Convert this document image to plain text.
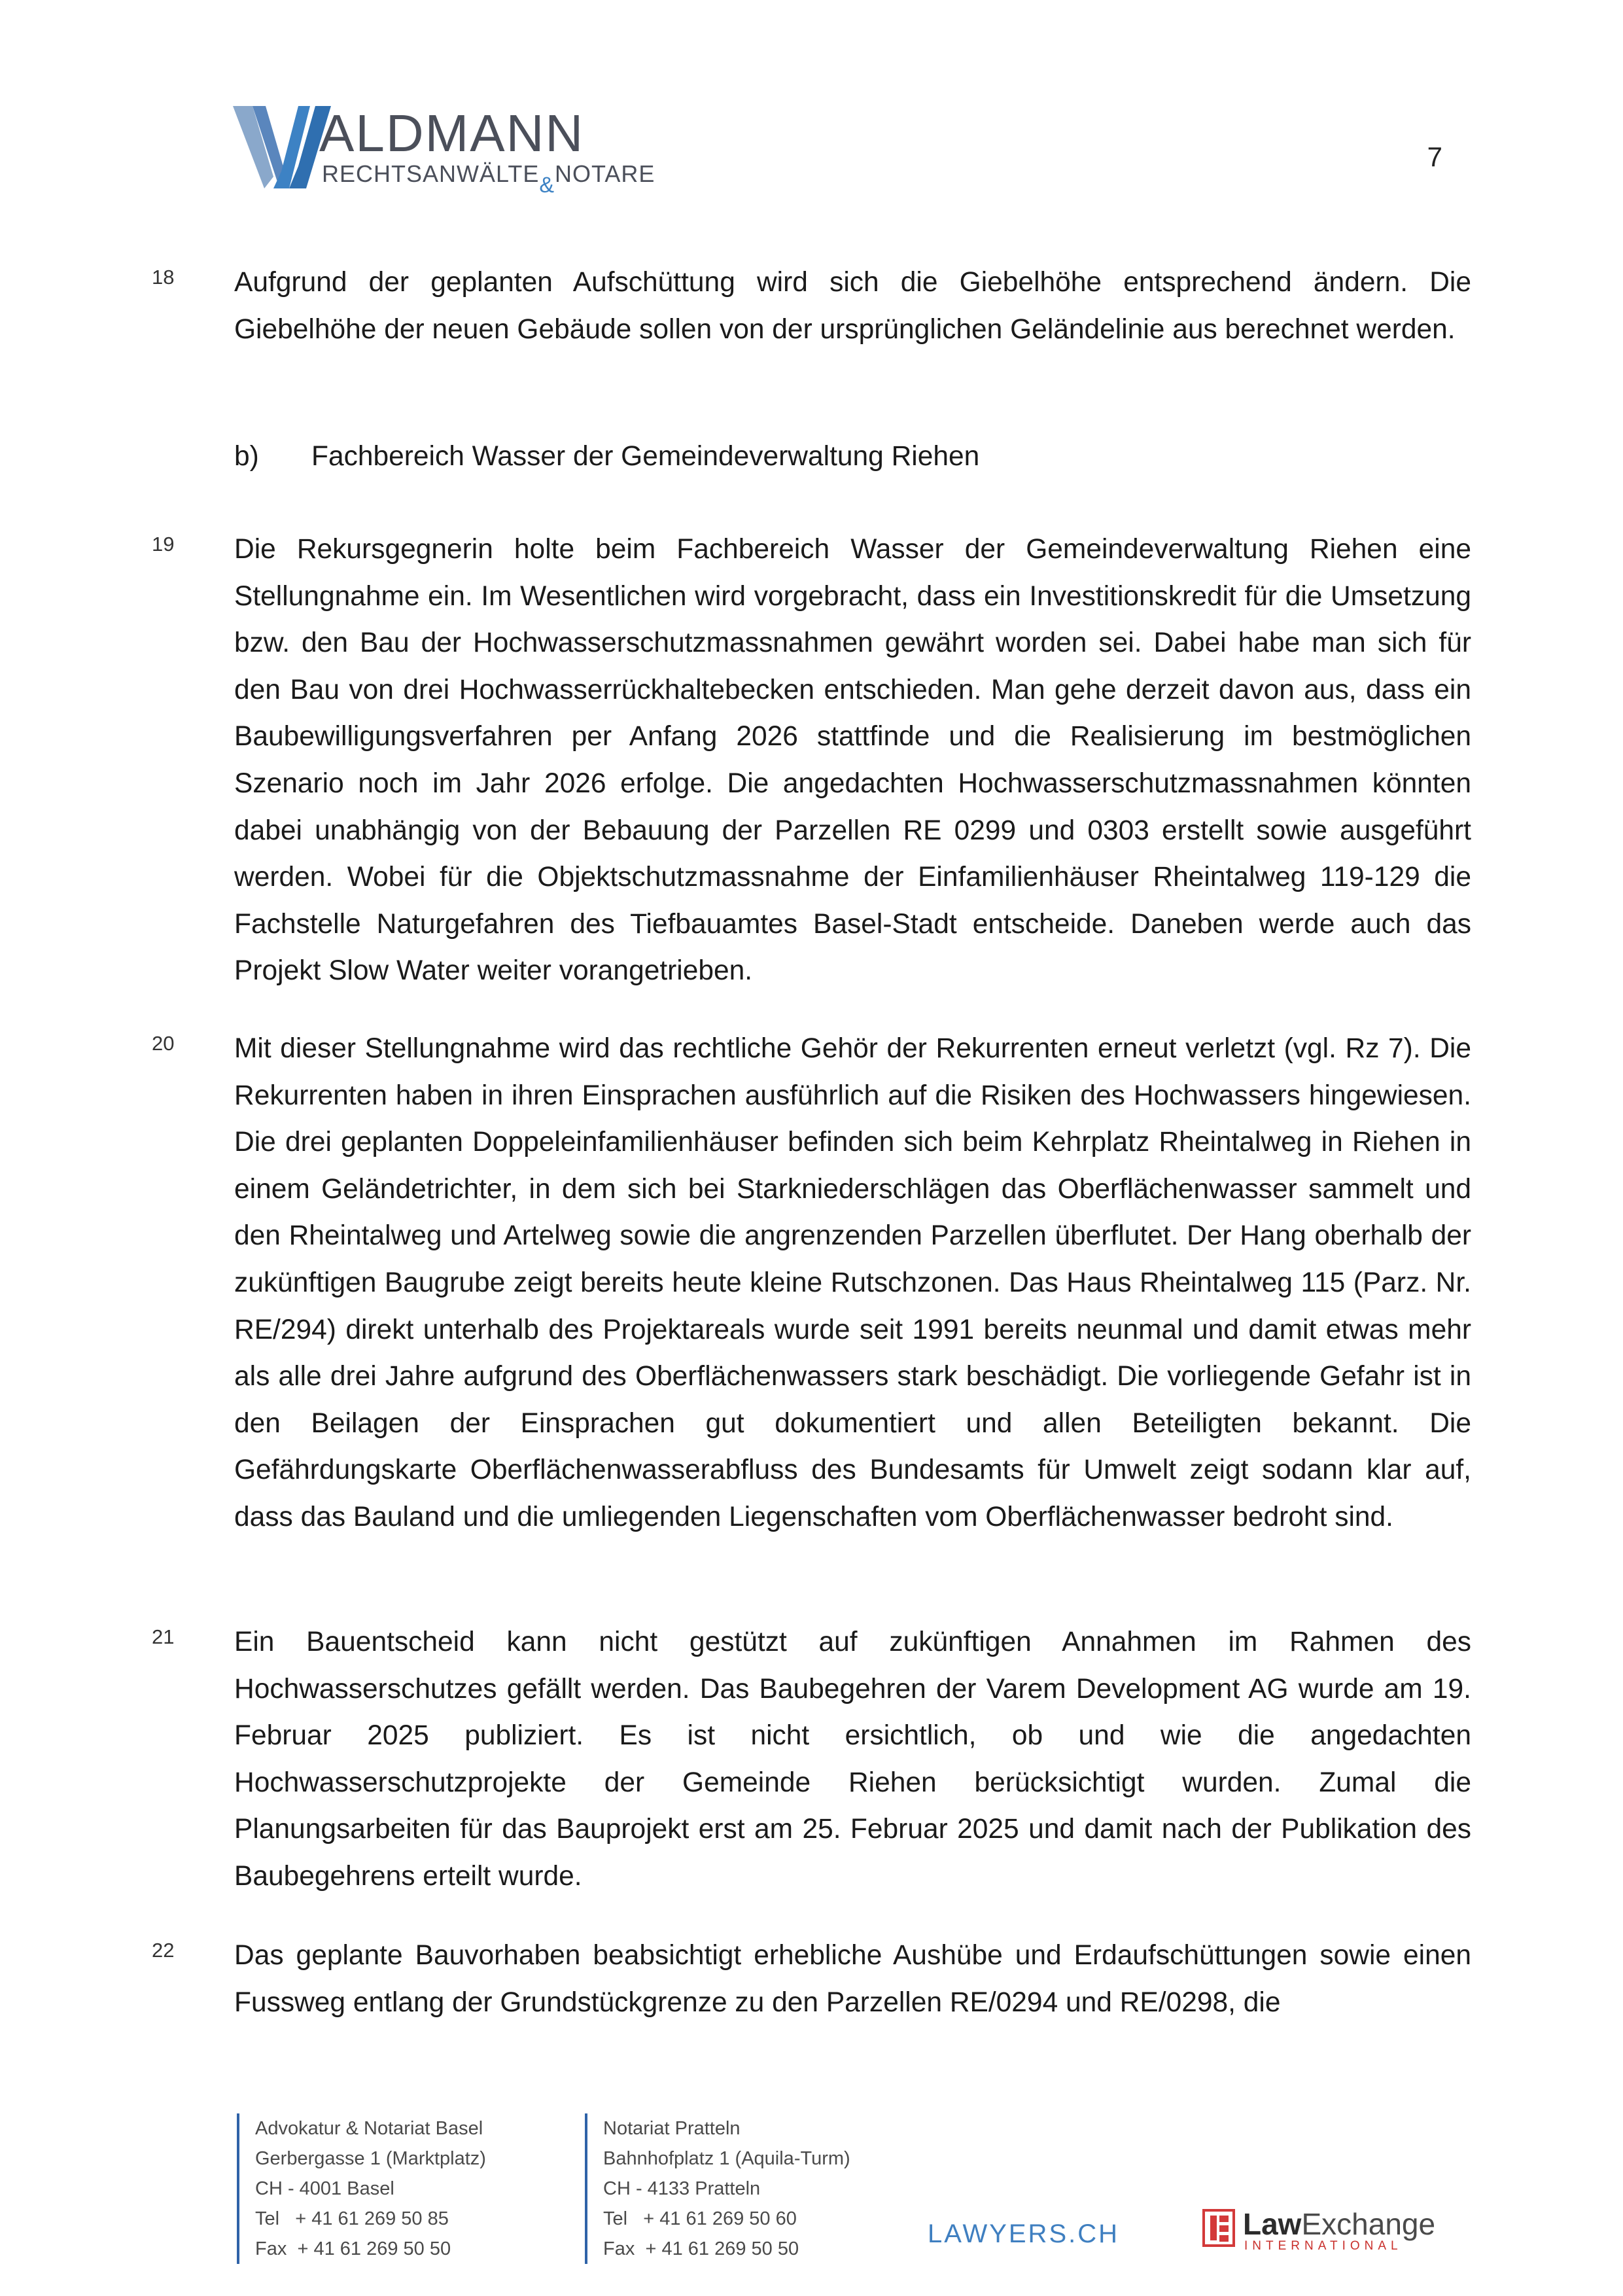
ALDMANN
RECHTSANWÄLTE&NOTARE
7
18 Aufgrund der geplanten Aufschüttung wird sich die Giebelhöhe entsprechend ändern. Die Giebelhöhe der neuen Gebäude sollen von der ursprünglichen Geländelinie aus berechnet werden.

b) Fachbereich Wasser der Gemeindeverwaltung Riehen
19 Die Rekursgegnerin holte beim Fachbereich Wasser der Gemeindeverwaltung Riehen eine Stellungnahme ein. Im Wesentlichen wird vorgebracht, dass ein Investitionskredit für die Umsetzung bzw. den Bau der Hochwasserschutzmassnahmen gewährt worden sei. Dabei habe man sich für den Bau von drei Hochwasserrückhaltebecken entschieden. Man gehe derzeit davon aus, dass ein Baubewilligungsverfahren per Anfang 2026 stattfinde und die Realisierung im bestmöglichen Szenario noch im Jahr 2026 erfolge. Die angedachten Hochwasserschutzmassnahmen könnten dabei unabhängig von der Bebauung der Parzellen RE 0299 und 0303 erstellt sowie ausgeführt werden. Wobei für die Objektschutzmassnahme der Einfamilienhäuser Rheintalweg 119-129 die Fachstelle Naturgefahren des Tiefbauamtes Basel-Stadt entscheide. Daneben werde auch das Projekt Slow Water weiter vorangetrieben.

20 Mit dieser Stellungnahme wird das rechtliche Gehör der Rekurrenten erneut verletzt (vgl. Rz 7). Die Rekurrenten haben in ihren Einsprachen ausführlich auf die Risiken des Hochwassers hingewiesen. Die drei geplanten Doppeleinfamilienhäuser befinden sich beim Kehrplatz Rheintalweg in Riehen in einem Geländetrichter, in dem sich bei Starkniederschlägen das Oberflächenwasser sammelt und den Rheintalweg und Artelweg sowie die angrenzenden Parzellen überflutet. Der Hang oberhalb der zukünftigen Baugrube zeigt bereits heute kleine Rutschzonen. Das Haus Rheintalweg 115 (Parz. Nr. RE/294) direkt unterhalb des Projektareals wurde seit 1991 bereits neunmal und damit etwas mehr als alle drei Jahre aufgrund des Oberflächenwassers stark beschädigt. Die vorliegende Gefahr ist in den Beilagen der Einsprachen gut dokumentiert und allen Beteiligten bekannt. Die Gefährdungskarte Oberflächenwasserabfluss des Bundesamts für Umwelt zeigt sodann klar auf, dass das Bauland und die umliegenden Liegenschaften vom Oberflächenwasser bedroht sind.

21 Ein Bauentscheid kann nicht gestützt auf zukünftigen Annahmen im Rahmen des Hochwasserschutzes gefällt werden. Das Baubegehren der Varem Development AG wurde am 19. Februar 2025 publiziert. Es ist nicht ersichtlich, ob und wie die angedachten Hochwasserschutzprojekte der Gemeinde Riehen berücksichtigt wurden. Zumal die Planungsarbeiten für das Bauprojekt erst am 25. Februar 2025 und damit nach der Publikation des Baubegehrens erteilt wurde.

22 Das geplante Bauvorhaben beabsichtigt erhebliche Aushübe und Erdaufschüttungen sowie einen Fussweg entlang der Grundstückgrenze zu den Parzellen RE/0294 und RE/0298, die

Advokatur & Notariat Basel
Gerbergasse 1 (Marktplatz)
CH - 4001 Basel
Tel   + 41 61 269 50 85
Fax  + 41 61 269 50 50
Notariat Pratteln
Bahnhofplatz 1 (Aquila-Turm)
CH - 4133 Pratteln
Tel   + 41 61 269 50 60
Fax  + 41 61 269 50 50
LAWYERS.CH	LawExchange
INTERNATIONAL
